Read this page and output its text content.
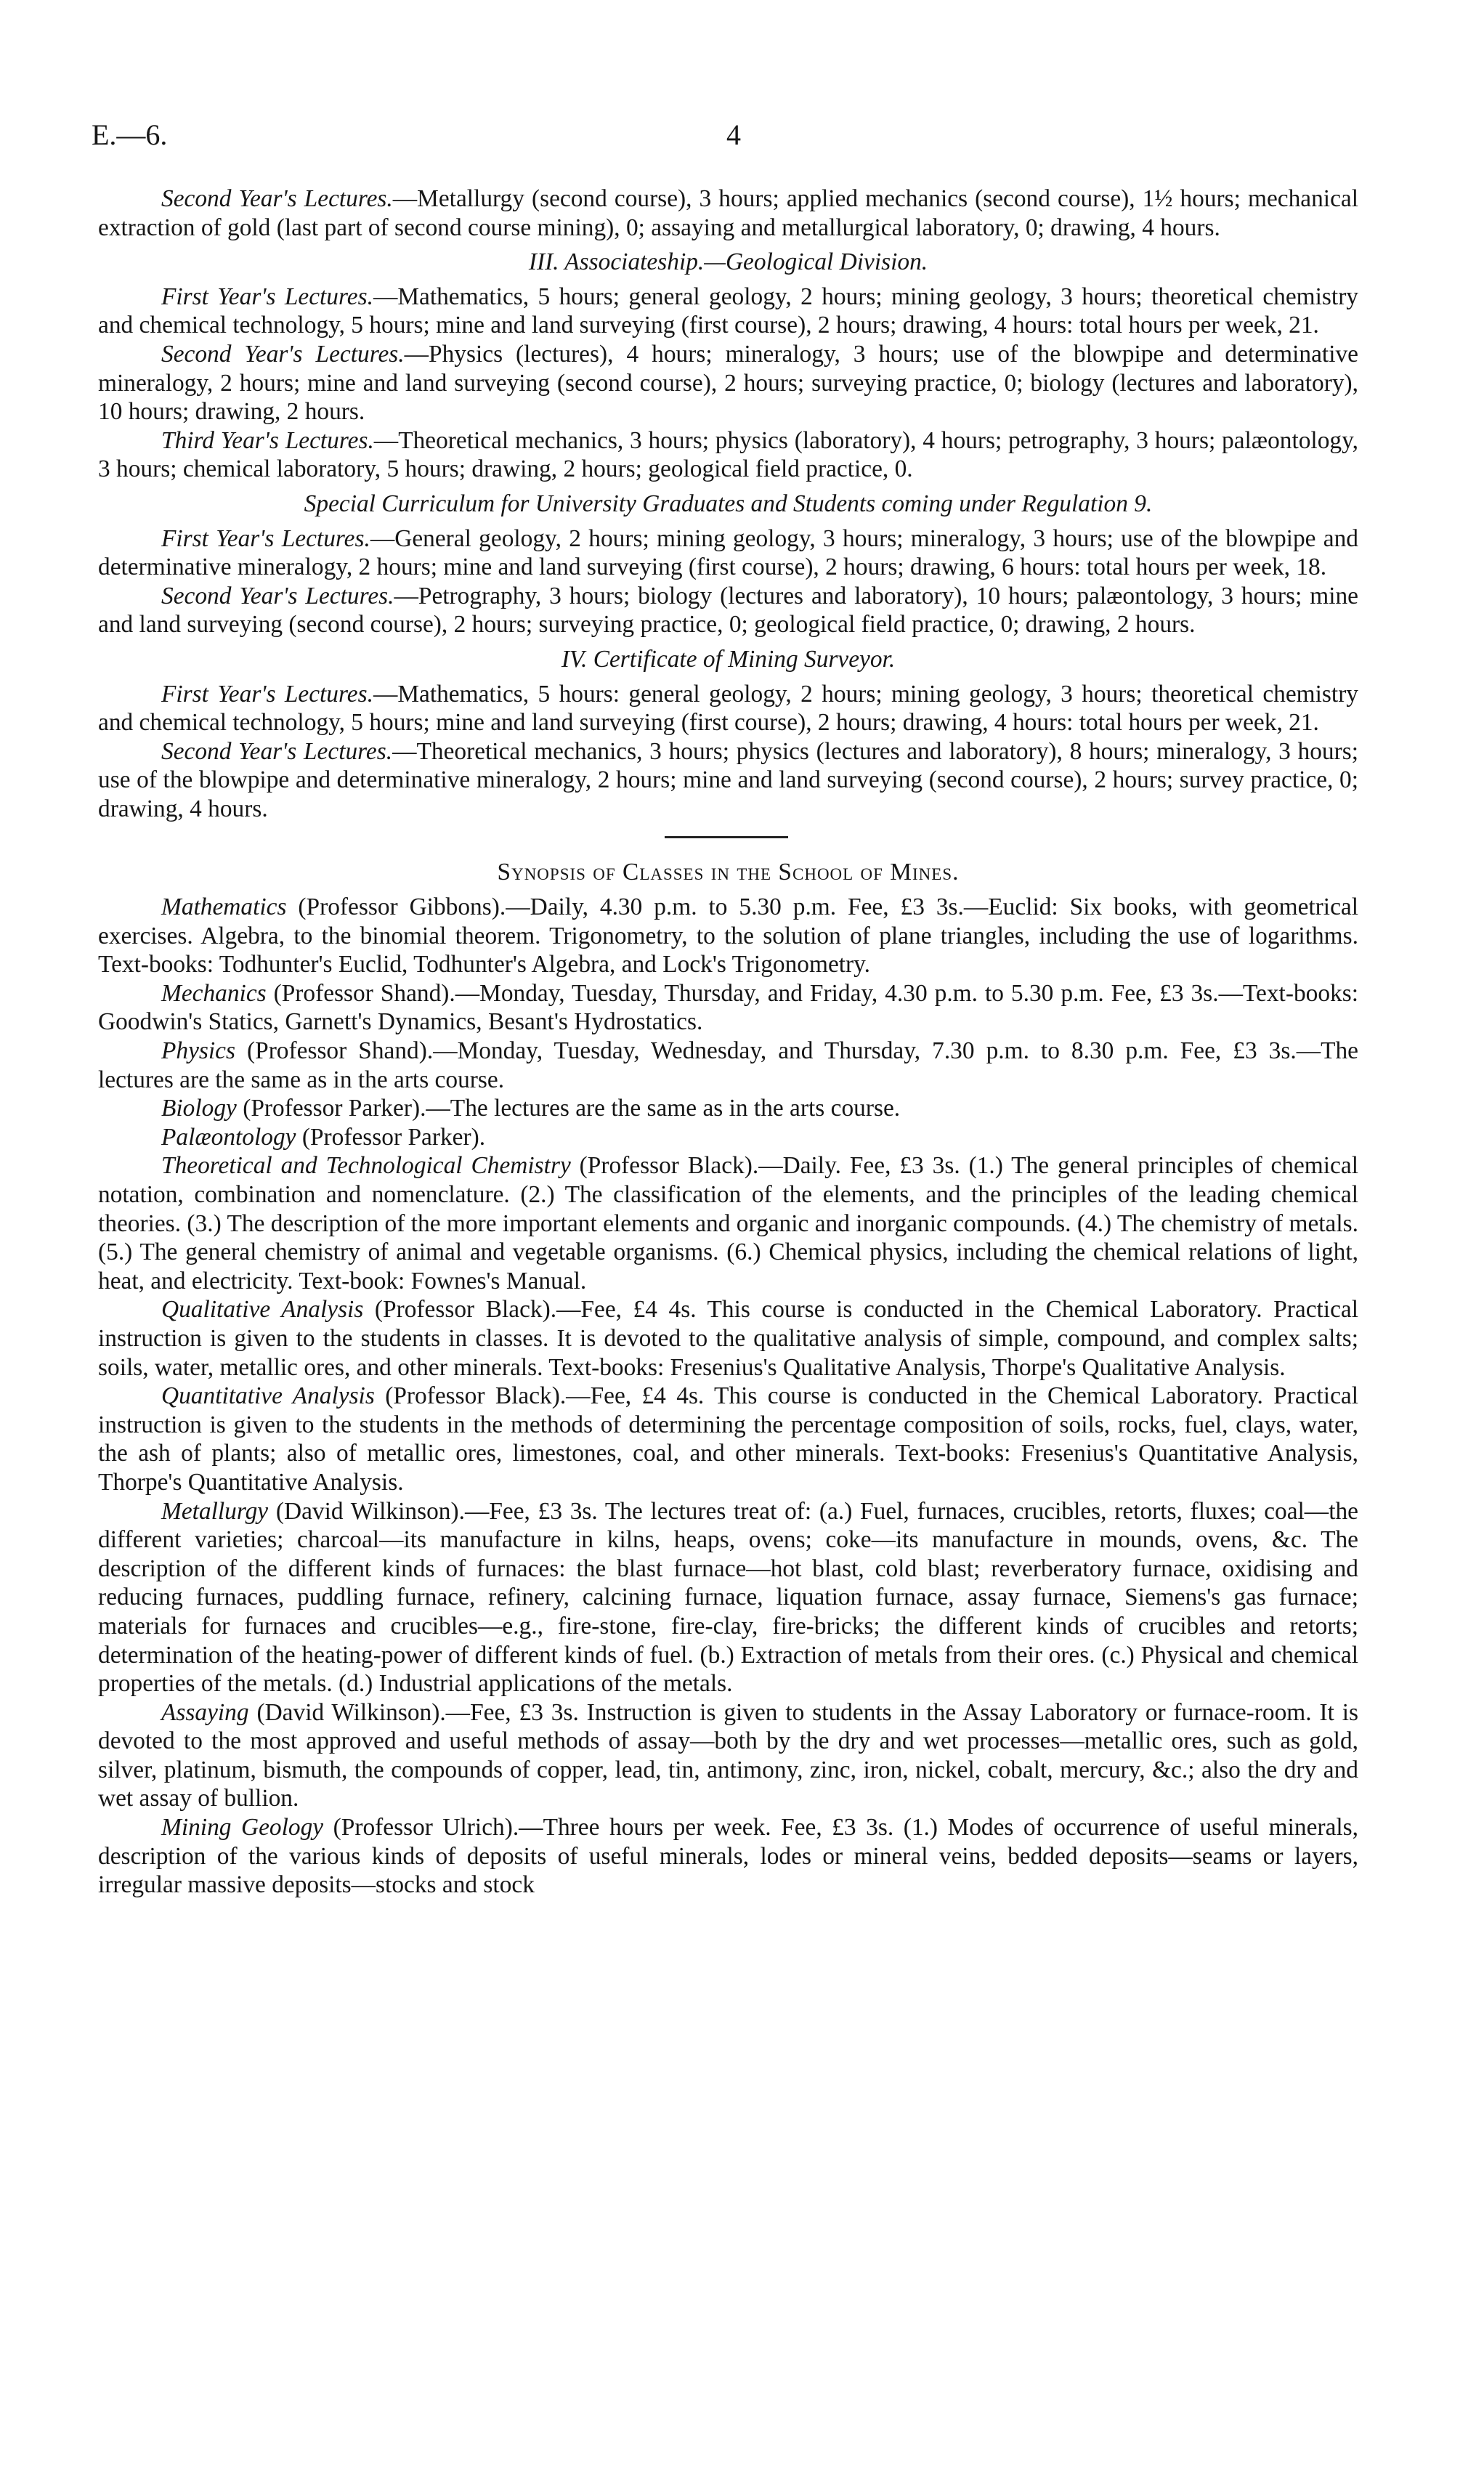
E.—6.	4

Second Year's Lectures.—Metallurgy (second course), 3 hours; applied mechanics (second course), 1½ hours; mechanical extraction of gold (last part of second course mining), 0; assaying and metallurgical laboratory, 0; drawing, 4 hours.

III. Associateship.—Geological Division.

First Year's Lectures.—Mathematics, 5 hours; general geology, 2 hours; mining geology, 3 hours; theoretical chemistry and chemical technology, 5 hours; mine and land surveying (first course), 2 hours; drawing, 4 hours: total hours per week, 21.

Second Year's Lectures.—Physics (lectures), 4 hours; mineralogy, 3 hours; use of the blowpipe and determinative mineralogy, 2 hours; mine and land surveying (second course), 2 hours; surveying practice, 0; biology (lectures and laboratory), 10 hours; drawing, 2 hours.

Third Year's Lectures.—Theoretical mechanics, 3 hours; physics (laboratory), 4 hours; petrography, 3 hours; palæontology, 3 hours; chemical laboratory, 5 hours; drawing, 2 hours; geological field practice, 0.

Special Curriculum for University Graduates and Students coming under Regulation 9.

First Year's Lectures.—General geology, 2 hours; mining geology, 3 hours; mineralogy, 3 hours; use of the blowpipe and determinative mineralogy, 2 hours; mine and land surveying (first course), 2 hours; drawing, 6 hours: total hours per week, 18.

Second Year's Lectures.—Petrography, 3 hours; biology (lectures and laboratory), 10 hours; palæontology, 3 hours; mine and land surveying (second course), 2 hours; surveying practice, 0; geological field practice, 0; drawing, 2 hours.

IV. Certificate of Mining Surveyor.

First Year's Lectures.—Mathematics, 5 hours: general geology, 2 hours; mining geology, 3 hours; theoretical chemistry and chemical technology, 5 hours; mine and land surveying (first course), 2 hours; drawing, 4 hours: total hours per week, 21.

Second Year's Lectures.—Theoretical mechanics, 3 hours; physics (lectures and laboratory), 8 hours; mineralogy, 3 hours; use of the blowpipe and determinative mineralogy, 2 hours; mine and land surveying (second course), 2 hours; survey practice, 0; drawing, 4 hours.

Synopsis of Classes in the School of Mines.

Mathematics (Professor Gibbons).—Daily, 4.30 p.m. to 5.30 p.m. Fee, £3 3s.—Euclid: Six books, with geometrical exercises. Algebra, to the binomial theorem. Trigonometry, to the solution of plane triangles, including the use of logarithms. Text-books: Todhunter's Euclid, Todhunter's Algebra, and Lock's Trigonometry.

Mechanics (Professor Shand).—Monday, Tuesday, Thursday, and Friday, 4.30 p.m. to 5.30 p.m. Fee, £3 3s.—Text-books: Goodwin's Statics, Garnett's Dynamics, Besant's Hydrostatics.

Physics (Professor Shand).—Monday, Tuesday, Wednesday, and Thursday, 7.30 p.m. to 8.30 p.m. Fee, £3 3s.—The lectures are the same as in the arts course.

Biology (Professor Parker).—The lectures are the same as in the arts course.

Palæontology (Professor Parker).

Theoretical and Technological Chemistry (Professor Black).—Daily. Fee, £3 3s. (1.) The general principles of chemical notation, combination and nomenclature. (2.) The classification of the elements, and the principles of the leading chemical theories. (3.) The description of the more important elements and organic and inorganic compounds. (4.) The chemistry of metals. (5.) The general chemistry of animal and vegetable organisms. (6.) Chemical physics, including the chemical relations of light, heat, and electricity. Text-book: Fownes's Manual.

Qualitative Analysis (Professor Black).—Fee, £4 4s. This course is conducted in the Chemical Laboratory. Practical instruction is given to the students in classes. It is devoted to the qualitative analysis of simple, compound, and complex salts; soils, water, metallic ores, and other minerals. Text-books: Fresenius's Qualitative Analysis, Thorpe's Qualitative Analysis.

Quantitative Analysis (Professor Black).—Fee, £4 4s. This course is conducted in the Chemical Laboratory. Practical instruction is given to the students in the methods of determining the percentage composition of soils, rocks, fuel, clays, water, the ash of plants; also of metallic ores, limestones, coal, and other minerals. Text-books: Fresenius's Quantitative Analysis, Thorpe's Quantitative Analysis.

Metallurgy (David Wilkinson).—Fee, £3 3s. The lectures treat of: (a.) Fuel, furnaces, crucibles, retorts, fluxes; coal—the different varieties; charcoal—its manufacture in kilns, heaps, ovens; coke—its manufacture in mounds, ovens, &c. The description of the different kinds of furnaces: the blast furnace—hot blast, cold blast; reverberatory furnace, oxidising and reducing furnaces, puddling furnace, refinery, calcining furnace, liquation furnace, assay furnace, Siemens's gas furnace; materials for furnaces and crucibles—e.g., fire-stone, fire-clay, fire-bricks; the different kinds of crucibles and retorts; determination of the heating-power of different kinds of fuel. (b.) Extraction of metals from their ores. (c.) Physical and chemical properties of the metals. (d.) Industrial applications of the metals.

Assaying (David Wilkinson).—Fee, £3 3s. Instruction is given to students in the Assay Laboratory or furnace-room. It is devoted to the most approved and useful methods of assay—both by the dry and wet processes—metallic ores, such as gold, silver, platinum, bismuth, the compounds of copper, lead, tin, antimony, zinc, iron, nickel, cobalt, mercury, &c.; also the dry and wet assay of bullion.

Mining Geology (Professor Ulrich).—Three hours per week. Fee, £3 3s. (1.) Modes of occurrence of useful minerals, description of the various kinds of deposits of useful minerals, lodes or mineral veins, bedded deposits—seams or layers, irregular massive deposits—stocks and stock
